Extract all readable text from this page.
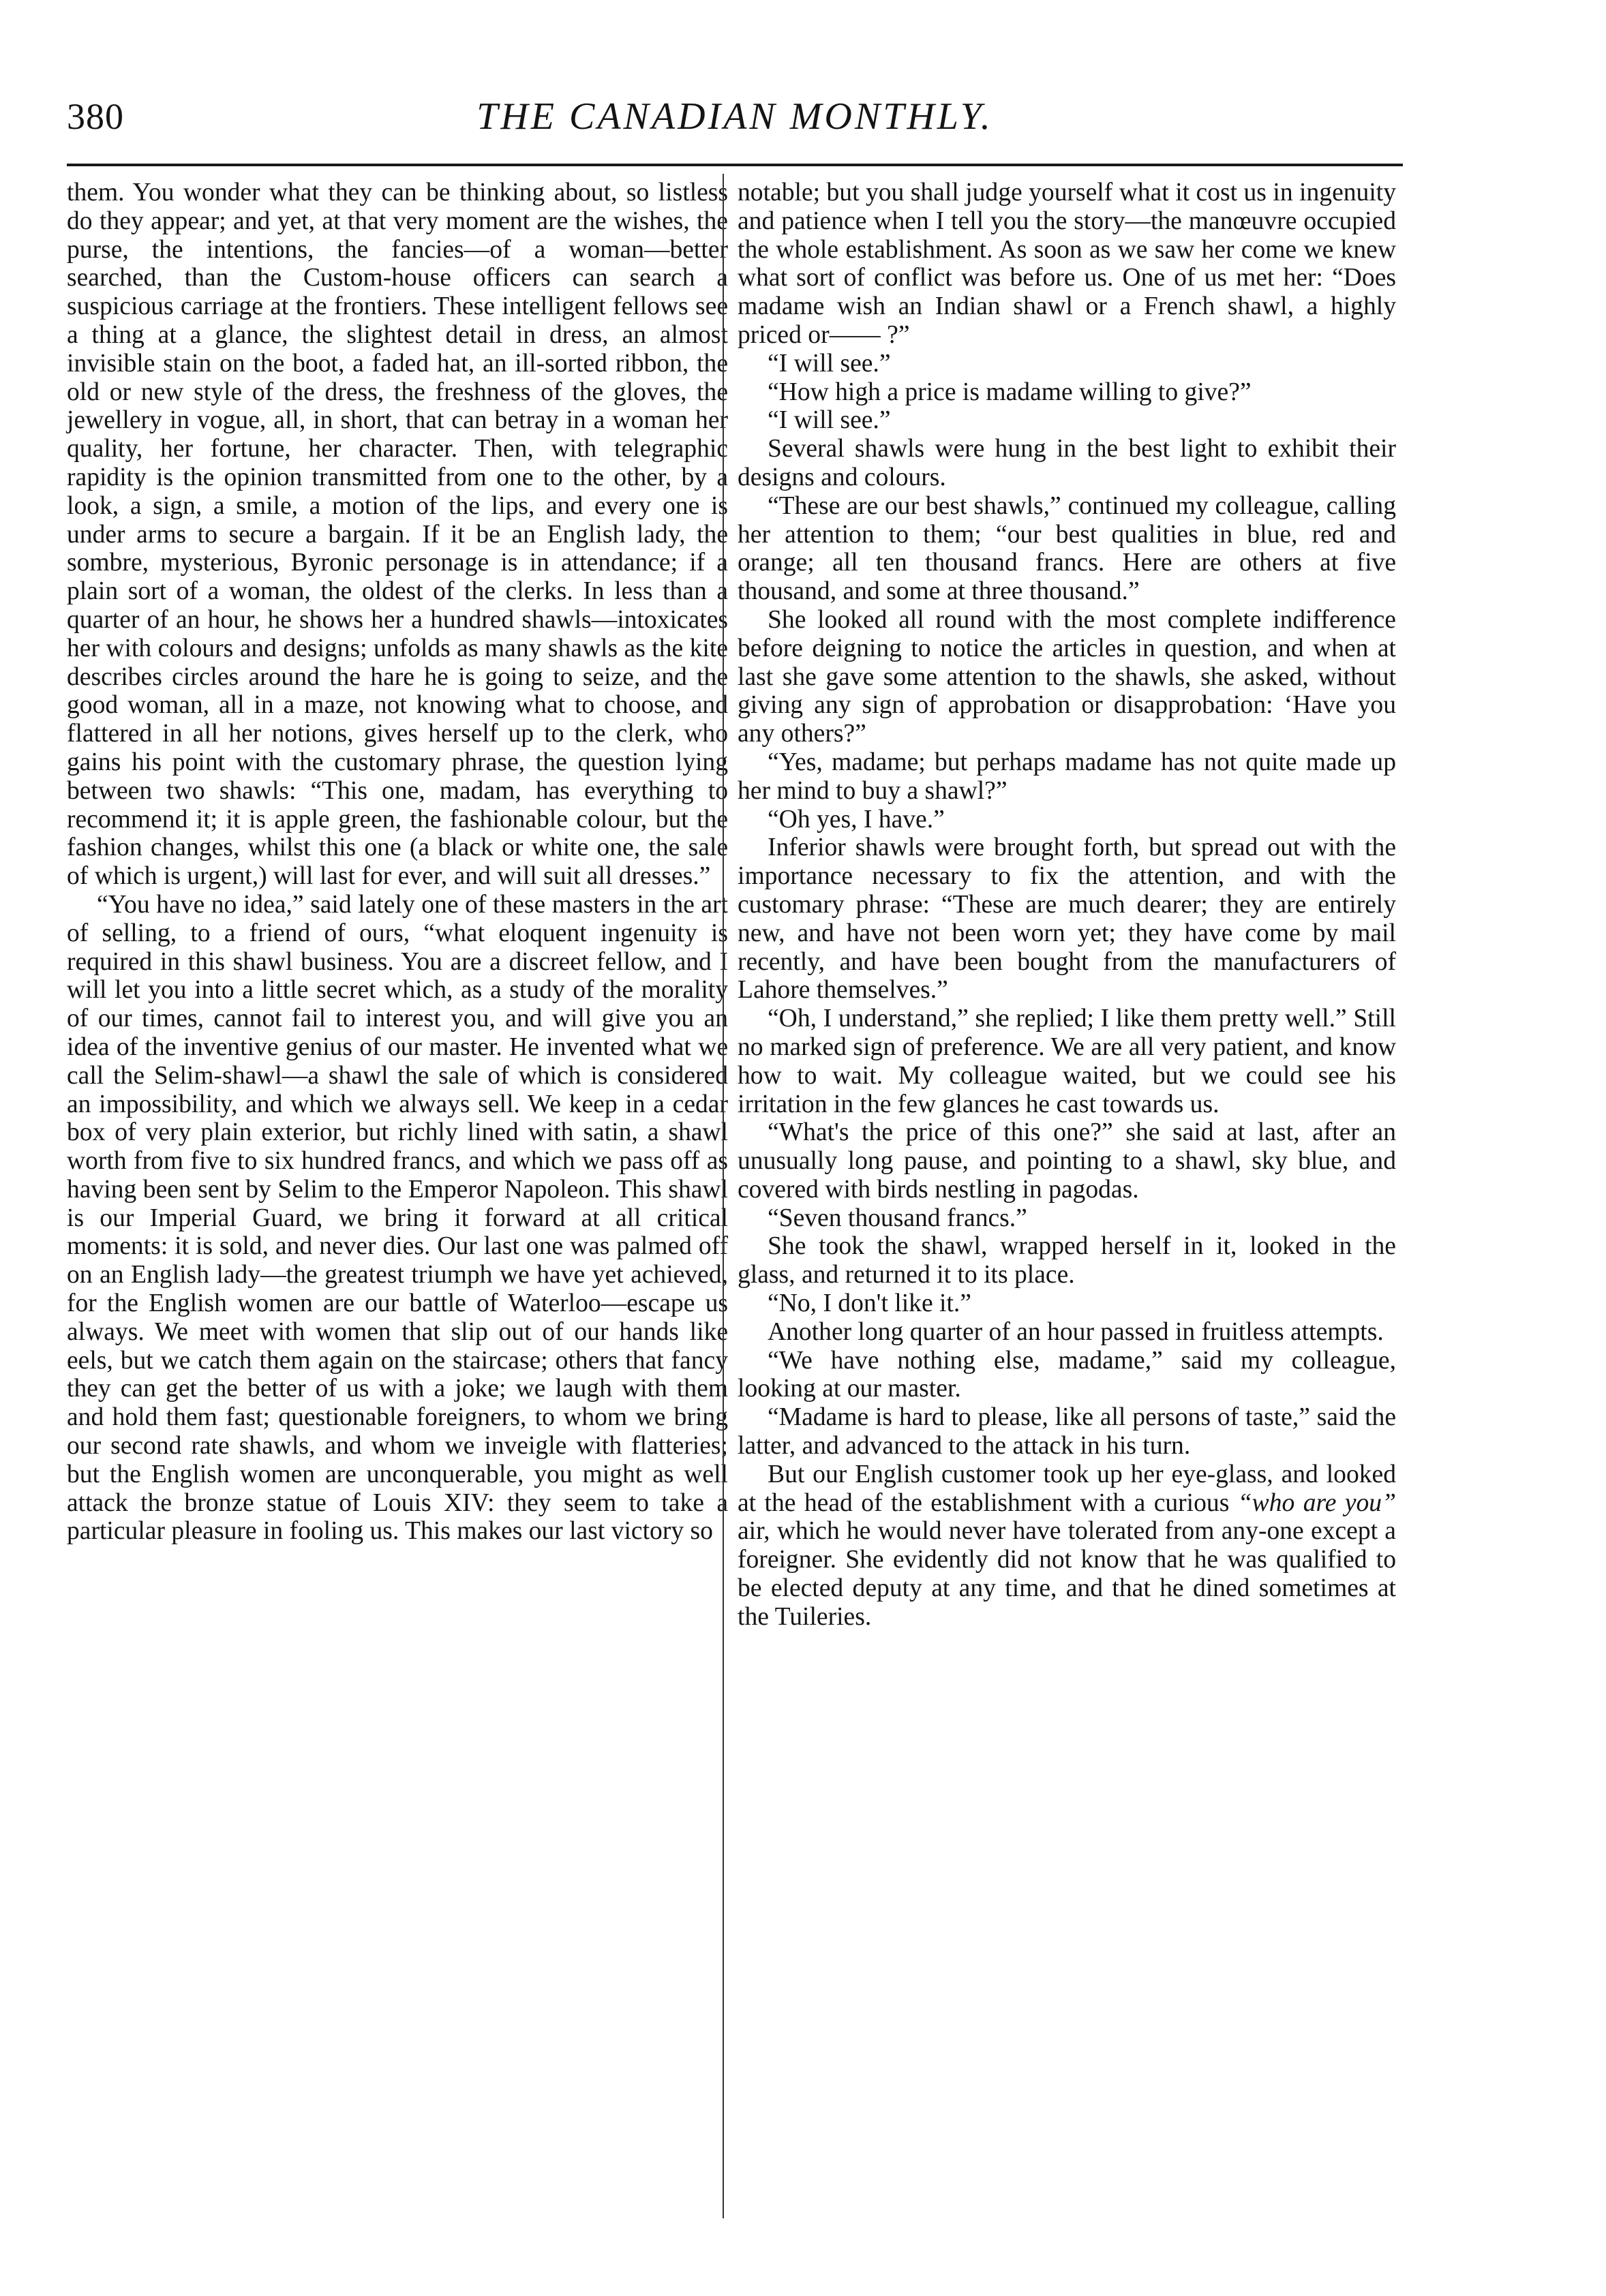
380	THE CANADIAN MONTHLY.

them. You wonder what they can be thinking about, so listless do they appear; and yet, at that very moment are the wishes, the purse, the intentions, the fancies—of a woman—better searched, than the Custom-house officers can search a suspicious carriage at the frontiers. These intelligent fellows see a thing at a glance, the slightest detail in dress, an almost invisible stain on the boot, a faded hat, an ill-sorted ribbon, the old or new style of the dress, the freshness of the gloves, the jewellery in vogue, all, in short, that can betray in a woman her quality, her fortune, her character. Then, with telegraphic rapidity is the opinion transmitted from one to the other, by a look, a sign, a smile, a motion of the lips, and every one is under arms to secure a bargain. If it be an English lady, the sombre, mysterious, Byronic personage is in attendance; if a plain sort of a woman, the oldest of the clerks. In less than a quarter of an hour, he shows her a hundred shawls—intoxicates her with colours and designs; unfolds as many shawls as the kite describes circles around the hare he is going to seize, and the good woman, all in a maze, not knowing what to choose, and flattered in all her notions, gives herself up to the clerk, who gains his point with the customary phrase, the question lying between two shawls: “This one, madam, has everything to recommend it; it is apple green, the fashionable colour, but the fashion changes, whilst this one (a black or white one, the sale of which is urgent,) will last for ever, and will suit all dresses.”

“You have no idea,” said lately one of these masters in the art of selling, to a friend of ours, “what eloquent ingenuity is required in this shawl business. You are a discreet fellow, and I will let you into a little secret which, as a study of the morality of our times, cannot fail to interest you, and will give you an idea of the inventive genius of our master. He invented what we call the Selim-shawl—a shawl the sale of which is considered an impossibility, and which we always sell. We keep in a cedar box of very plain exterior, but richly lined with satin, a shawl worth from five to six hundred francs, and which we pass off as having been sent by Selim to the Emperor Napoleon. This shawl is our Imperial Guard, we bring it forward at all critical moments: it is sold, and never dies. Our last one was palmed off on an English lady—the greatest triumph we have yet achieved, for the English women are our battle of Waterloo—escape us always. We meet with women that slip out of our hands like eels, but we catch them again on the staircase; others that fancy they can get the better of us with a joke; we laugh with them and hold them fast; questionable foreigners, to whom we bring our second rate shawls, and whom we inveigle with flatteries; but the English women are unconquerable, you might as well attack the bronze statue of Louis XIV: they seem to take a particular pleasure in fooling us. This makes our last victory so

notable; but you shall judge yourself what it cost us in ingenuity and patience when I tell you the story—the manœuvre occupied the whole establishment. As soon as we saw her come we knew what sort of conflict was before us. One of us met her: “Does madame wish an Indian shawl or a French shawl, a highly priced or—— ?”

“I will see.”

“How high a price is madame willing to give?”

“I will see.”

Several shawls were hung in the best light to exhibit their designs and colours.

“These are our best shawls,” continued my colleague, calling her attention to them; “our best qualities in blue, red and orange; all ten thousand francs. Here are others at five thousand, and some at three thousand.”

She looked all round with the most complete indifference before deigning to notice the articles in question, and when at last she gave some attention to the shawls, she asked, without giving any sign of approbation or disapprobation: ‘Have you any others?”

“Yes, madame; but perhaps madame has not quite made up her mind to buy a shawl?”

“Oh yes, I have.”

Inferior shawls were brought forth, but spread out with the importance necessary to fix the attention, and with the customary phrase: “These are much dearer; they are entirely new, and have not been worn yet; they have come by mail recently, and have been bought from the manufacturers of Lahore themselves.”

“Oh, I understand,” she replied; I like them pretty well.” Still no marked sign of preference. We are all very patient, and know how to wait. My colleague waited, but we could see his irritation in the few glances he cast towards us.

“What's the price of this one?” she said at last, after an unusually long pause, and pointing to a shawl, sky blue, and covered with birds nestling in pagodas.

“Seven thousand francs.”

She took the shawl, wrapped herself in it, looked in the glass, and returned it to its place.

“No, I don't like it.”

Another long quarter of an hour passed in fruitless attempts.

“We have nothing else, madame,” said my colleague, looking at our master.

“Madame is hard to please, like all persons of taste,” said the latter, and advanced to the attack in his turn.

But our English customer took up her eye-glass, and looked at the head of the establishment with a curious “who are you” air, which he would never have tolerated from any-one except a foreigner. She evidently did not know that he was qualified to be elected deputy at any time, and that he dined sometimes at the Tuileries.
